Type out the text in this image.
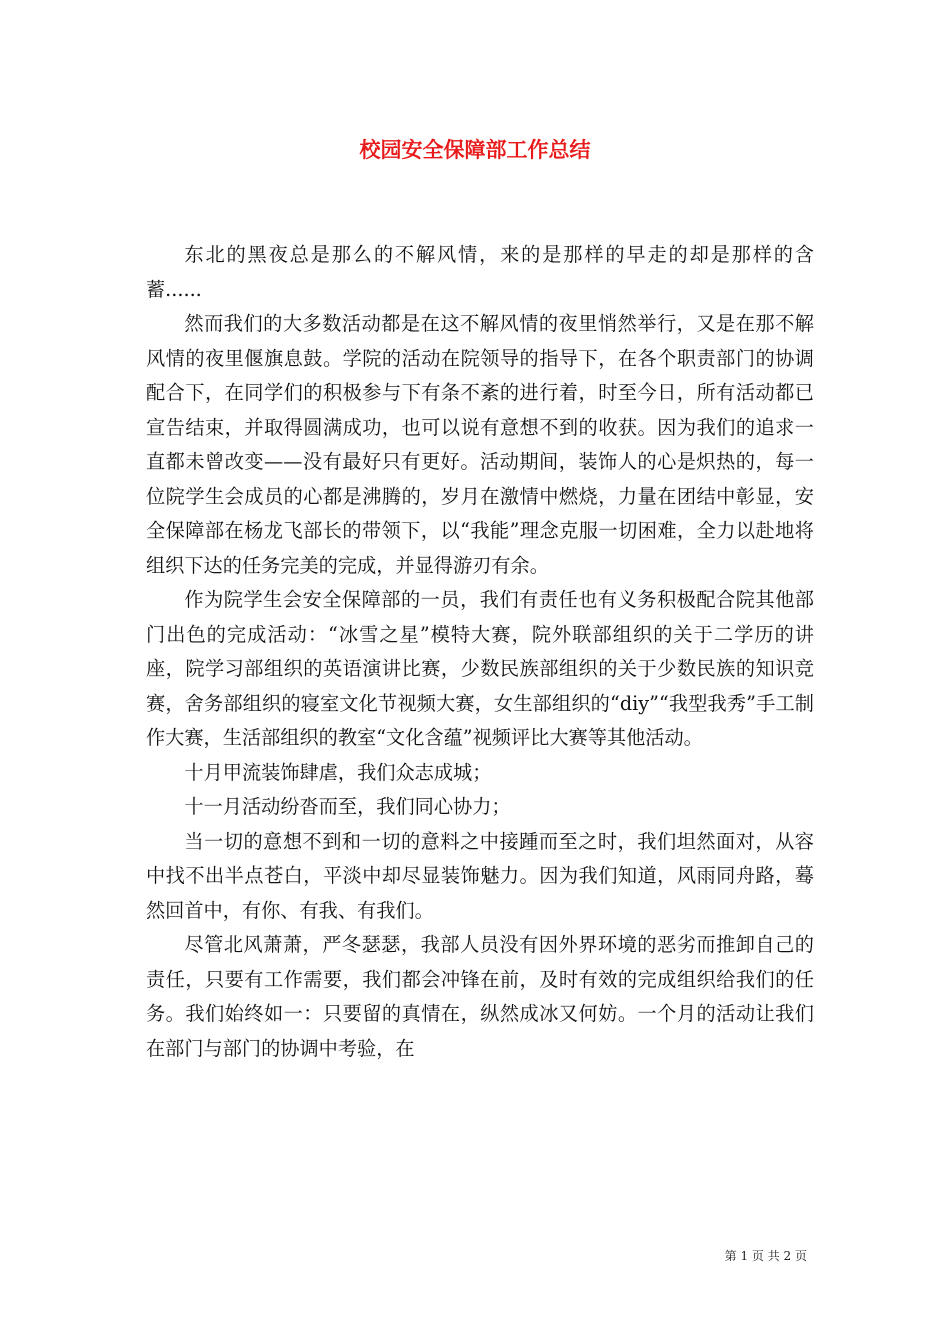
校园安全保障部工作总结

东北的黑夜总是那么的不解风情，来的是那样的早走的却是那样的含蓄......

然而我们的大多数活动都是在这不解风情的夜里悄然举行，又是在那不解风情的夜里偃旗息鼓。学院的活动在院领导的指导下，在各个职责部门的协调配合下，在同学们的积极参与下有条不紊的进行着，时至今日，所有活动都已宣告结束，并取得圆满成功，也可以说有意想不到的收获。因为我们的追求一直都未曾改变——没有最好只有更好。活动期间，装饰人的心是炽热的，每一位院学生会成员的心都是沸腾的，岁月在激情中燃烧，力量在团结中彰显，安全保障部在杨龙飞部长的带领下，以“我能”理念克服一切困难，全力以赴地将组织下达的任务完美的完成，并显得游刃有余。

作为院学生会安全保障部的一员，我们有责任也有义务积极配合院其他部门出色的完成活动：“冰雪之星”模特大赛，院外联部组织的关于二学历的讲座，院学习部组织的英语演讲比赛，少数民族部组织的关于少数民族的知识竞赛，舍务部组织的寝室文化节视频大赛，女生部组织的“diy”“我型我秀”手工制作大赛，生活部组织的教室“文化含蕴”视频评比大赛等其他活动。

十月甲流装饰肆虐，我们众志成城；

十一月活动纷沓而至，我们同心协力；

当一切的意想不到和一切的意料之中接踵而至之时，我们坦然面对，从容中找不出半点苍白，平淡中却尽显装饰魅力。因为我们知道，风雨同舟路，蓦然回首中，有你、有我、有我们。

尽管北风萧萧，严冬瑟瑟，我部人员没有因外界环境的恶劣而推卸自己的责任，只要有工作需要，我们都会冲锋在前，及时有效的完成组织给我们的任务。我们始终如一：只要留的真情在，纵然成冰又何妨。一个月的活动让我们在部门与部门的协调中考验，在

第 1 页 共 2 页
